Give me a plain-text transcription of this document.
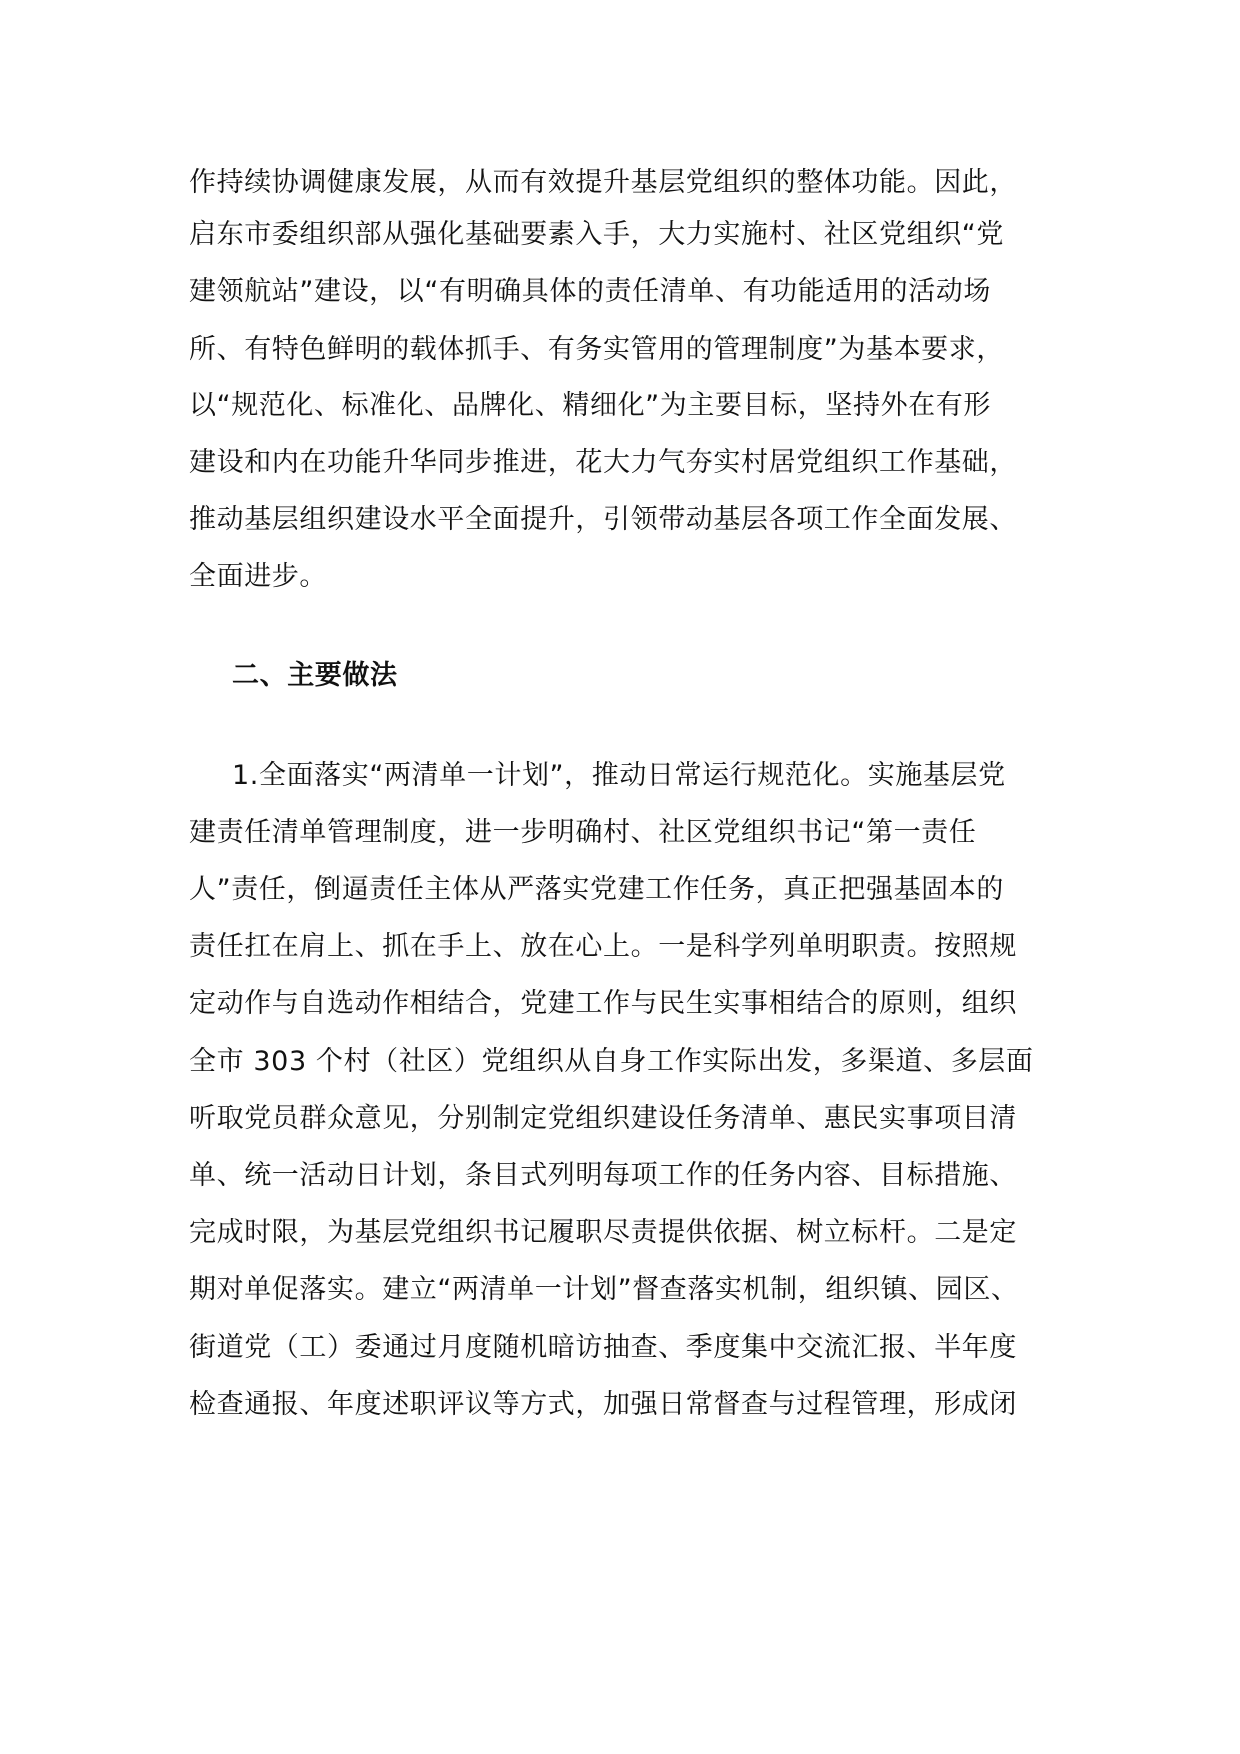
作持续协调健康发展，从而有效提升基层党组织的整体功能。因此，
启东市委组织部从强化基础要素入手，大力实施村、社区党组织“党
建领航站”建设，以“有明确具体的责任清单、有功能适用的活动场
所、有特色鲜明的载体抓手、有务实管用的管理制度”为基本要求，
以“规范化、标准化、品牌化、精细化”为主要目标，坚持外在有形
建设和内在功能升华同步推进，花大力气夯实村居党组织工作基础，
推动基层组织建设水平全面提升，引领带动基层各项工作全面发展、
全面进步。
二、主要做法
1.全面落实“两清单一计划”，推动日常运行规范化。实施基层党
建责任清单管理制度，进一步明确村、社区党组织书记“第一责任
人”责任，倒逼责任主体从严落实党建工作任务，真正把强基固本的
责任扛在肩上、抓在手上、放在心上。一是科学列单明职责。按照规
定动作与自选动作相结合，党建工作与民生实事相结合的原则，组织
全市 303 个村（社区）党组织从自身工作实际出发，多渠道、多层面
听取党员群众意见，分别制定党组织建设任务清单、惠民实事项目清
单、统一活动日计划，条目式列明每项工作的任务内容、目标措施、
完成时限，为基层党组织书记履职尽责提供依据、树立标杆。二是定
期对单促落实。建立“两清单一计划”督查落实机制，组织镇、园区、
街道党（工）委通过月度随机暗访抽查、季度集中交流汇报、半年度
检查通报、年度述职评议等方式，加强日常督查与过程管理，形成闭
